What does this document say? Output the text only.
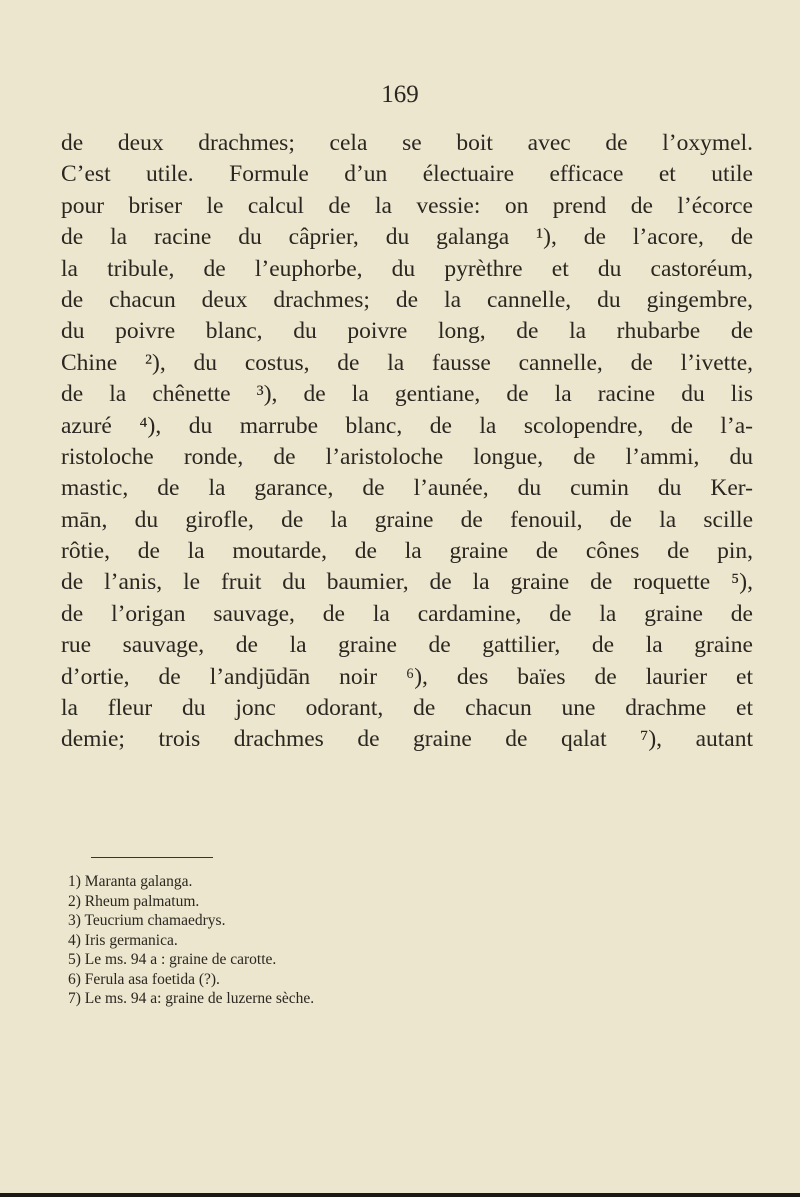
169
de deux drachmes; cela se boit avec de l’oxymel.
C’est utile. Formule d’un électuaire efficace et utile
pour briser le calcul de la vessie: on prend de l’écorce
de la racine du câprier, du galanga ¹), de l’acore, de
la tribule, de l’euphorbe, du pyrèthre et du castoréum,
de chacun deux drachmes; de la cannelle, du gingembre,
du poivre blanc, du poivre long, de la rhubarbe de
Chine ²), du costus, de la fausse cannelle, de l’ivette,
de la chênette ³), de la gentiane, de la racine du lis
azuré ⁴), du marrube blanc, de la scolopendre, de l’a-
ristoloche ronde, de l’aristoloche longue, de l’ammi, du
mastic, de la garance, de l’aunée, du cumin du Ker-
mān, du girofle, de la graine de fenouil, de la scille
rôtie, de la moutarde, de la graine de cônes de pin,
de l’anis, le fruit du baumier, de la graine de roquette ⁵),
de l’origan sauvage, de la cardamine, de la graine de
rue sauvage, de la graine de gattilier, de la graine
d’ortie, de l’andjūdān noir ⁶), des baïes de laurier et
la fleur du jonc odorant, de chacun une drachme et
demie; trois drachmes de graine de qalat ⁷), autant
1) Maranta galanga.
2) Rheum palmatum.
3) Teucrium chamaedrys.
4) Iris germanica.
5) Le ms. 94 a : graine de carotte.
6) Ferula asa foetida (?).
7) Le ms. 94 a: graine de luzerne sèche.
